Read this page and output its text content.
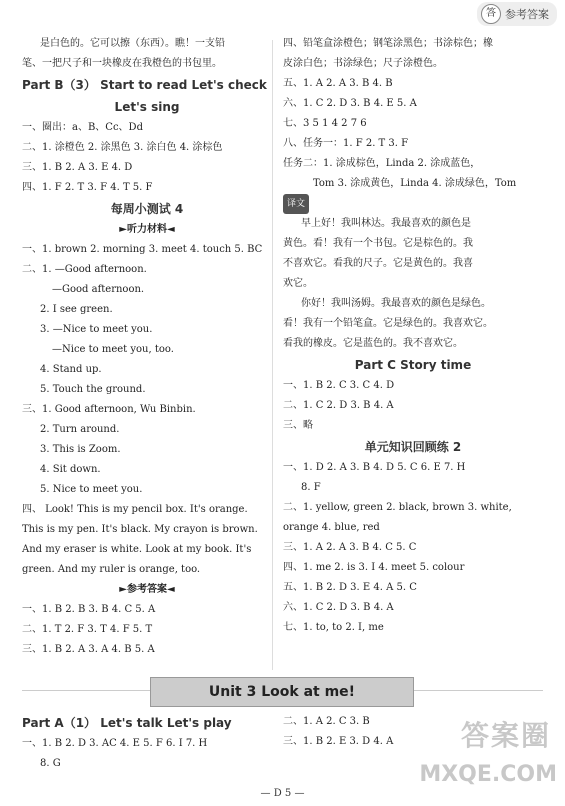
答 参考答案
是白色的。它可以擦（东西）。瞧！一支铅
笔、一把尺子和一块橡皮在我橙色的书包里。
Part B（3） Start to read Let's check
Let's sing
一、圈出：a、B、Cc、Dd
二、1. 涂橙色 2. 涂黑色 3. 涂白色 4. 涂棕色
三、1. B 2. A 3. E 4. D
四、1. F 2. T 3. F 4. T 5. F
每周小测试 4
►听力材料◄
一、1. brown 2. morning 3. meet 4. touch 5. BC
二、1. —Good afternoon.
—Good afternoon.
2. I see green.
3. —Nice to meet you.
—Nice to meet you, too.
4. Stand up.
5. Touch the ground.
三、1. Good afternoon, Wu Binbin.
2. Turn around.
3. This is Zoom.
4. Sit down.
5. Nice to meet you.
四、 Look! This is my pencil box. It's orange.
This is my pen. It's black. My crayon is brown.
And my eraser is white. Look at my book. It's
green. And my ruler is orange, too.
►参考答案◄
一、1. B 2. B 3. B 4. C 5. A
二、1. T 2. F 3. T 4. F 5. T
三、1. B 2. A 3. A 4. B 5. A
四、铅笔盒涂橙色；钢笔涂黑色；书涂棕色；橡
皮涂白色；书涂绿色；尺子涂橙色。
五、1. A 2. A 3. B 4. B
六、1. C 2. D 3. B 4. E 5. A
七、3 5 1 4 2 7 6
八、任务一：1. F 2. T 3. F
任务二：1. 涂成棕色，Linda 2. 涂成蓝色，
Tom 3. 涂成黄色，Linda 4. 涂成绿色，Tom
译文
早上好！我叫林达。我最喜欢的颜色是
黄色。看！我有一个书包。它是棕色的。我
不喜欢它。看我的尺子。它是黄色的。我喜
欢它。
你好！我叫汤姆。我最喜欢的颜色是绿色。
看！我有一个铅笔盒。它是绿色的。我喜欢它。
看我的橡皮。它是蓝色的。我不喜欢它。
Part C Story time
一、1. B 2. C 3. C 4. D
二、1. C 2. D 3. B 4. A
三、略
单元知识回顾练 2
一、1. D 2. A 3. B 4. D 5. C 6. E 7. H
8. F
二、1. yellow, green 2. black, brown 3. white,
orange 4. blue, red
三、1. A 2. A 3. B 4. C 5. C
四、1. me 2. is 3. I 4. meet 5. colour
五、1. B 2. D 3. E 4. A 5. C
六、1. C 2. D 3. B 4. A
七、1. to, to 2. I, me
Unit 3 Look at me!
Part A（1） Let's talk Let's play
一、1. B 2. D 3. AC 4. E 5. F 6. I 7. H
8. G
二、1. A 2. C 3. B
三、1. B 2. E 3. D 4. A	答案圈
MXQE.COM
— D 5 —
